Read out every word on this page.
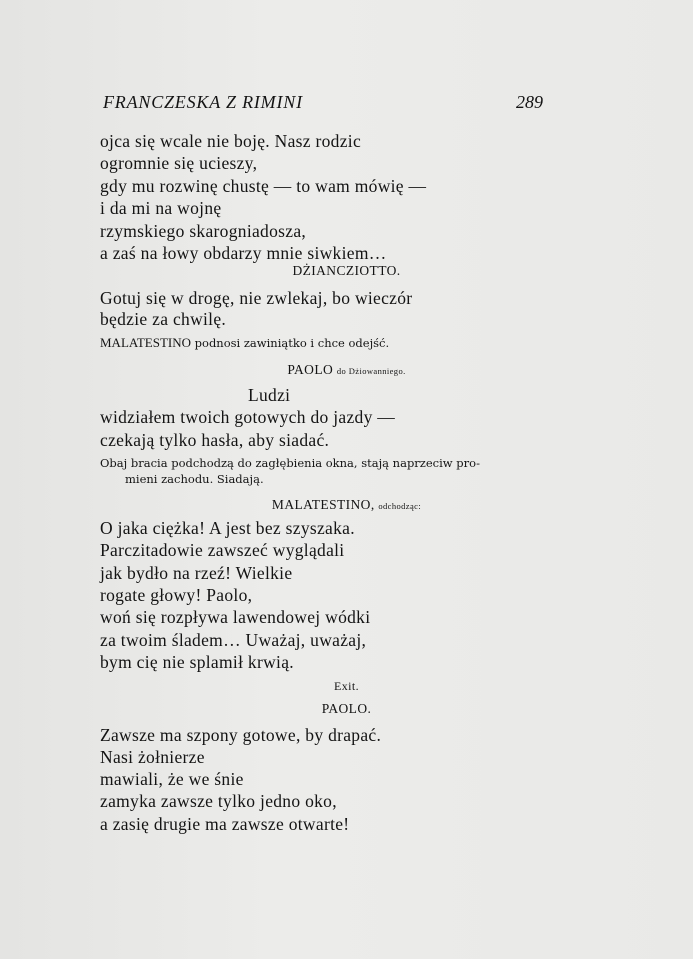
FRANCZESKA Z RIMINI	289
ojca się wcale nie boję. Nasz rodzic
ogromnie się ucieszy,
gdy mu rozwinę chustę — to wam mówię —
i da mi na wojnę
rzymskiego skarogniadosza,
a zaś na łowy obdarzy mnie siwkiem…
DŻIANCZIOTTO.
Gotuj się w drogę, nie zwlekaj, bo wieczór
będzie za chwilę.
MALATESTINO podnosi zawiniątko i chce odejść.
PAOLO do Dżiowanniego.
Ludzi
widziałem twoich gotowych do jazdy —
czekają tylko hasła, aby siadać.
Obaj bracia podchodzą do zagłębienia okna, stają naprzeciw pro-
mieni zachodu. Siadają.
MALATESTINO, odchodząc:
O jaka ciężka! A jest bez szyszaka.
Parczitadowie zawszeć wyglądali
jak bydło na rzeź! Wielkie
rogate głowy! Paolo,
woń się rozpływa lawendowej wódki
za twoim śladem… Uważaj, uważaj,
bym cię nie splamił krwią.
Exit.
PAOLO.
Zawsze ma szpony gotowe, by drapać.
Nasi żołnierze
mawiali, że we śnie
zamyka zawsze tylko jedno oko,
a zasię drugie ma zawsze otwarte!
